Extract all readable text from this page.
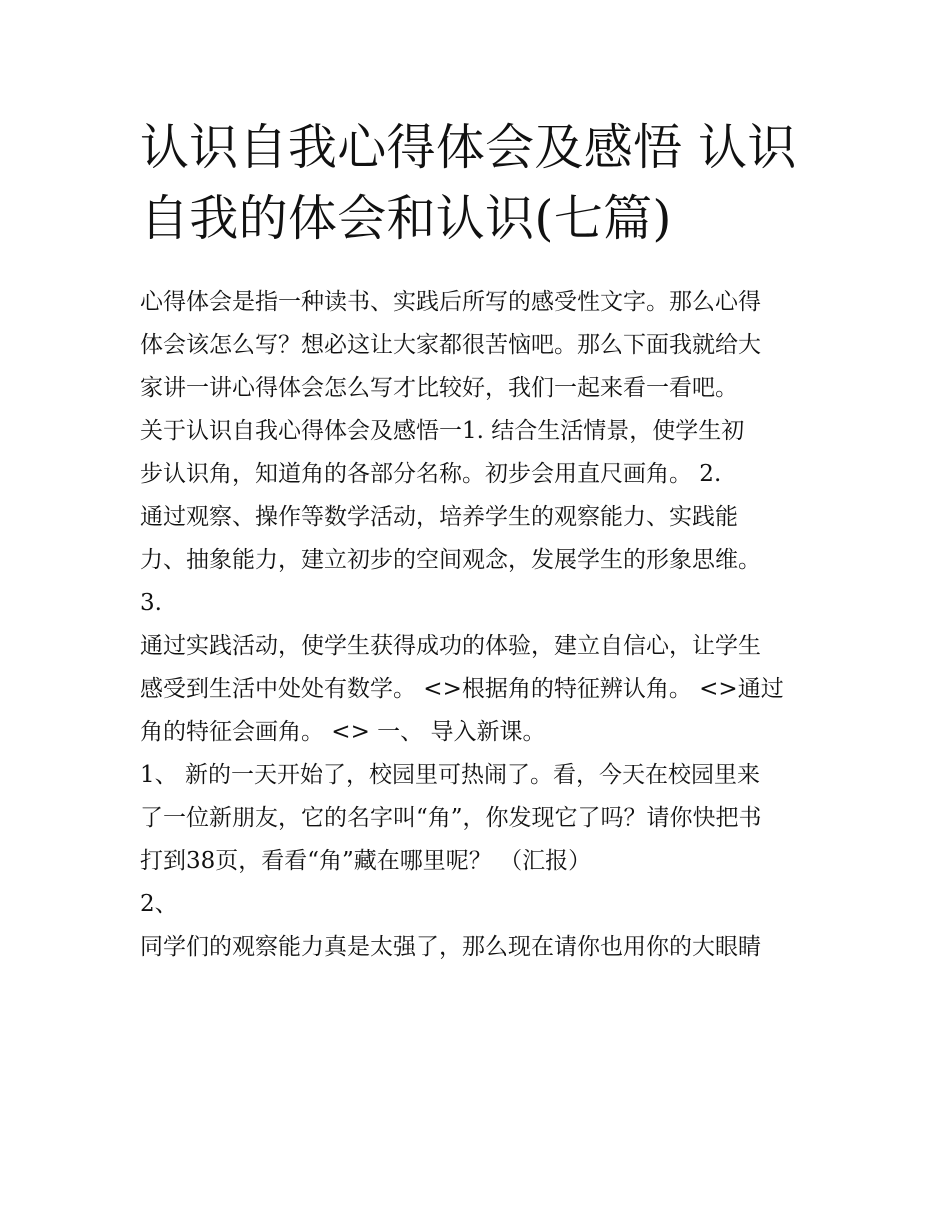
认识自我心得体会及感悟 认识
自我的体会和认识(七篇)
心得体会是指一种读书、实践后所写的感受性文字。那么心得
体会该怎么写？想必这让大家都很苦恼吧。那么下面我就给大
家讲一讲心得体会怎么写才比较好，我们一起来看一看吧。
关于认识自我心得体会及感悟一1. 结合生活情景，使学生初
步认识角，知道角的各部分名称。初步会用直尺画角。 2.
通过观察、操作等数学活动，培养学生的观察能力、实践能
力、抽象能力，建立初步的空间观念，发展学生的形象思维。
3.
通过实践活动，使学生获得成功的体验，建立自信心，让学生
感受到生活中处处有数学。 <>根据角的特征辨认角。 <>通过
角的特征会画角。 <> 一、 导入新课。
1、 新的一天开始了，校园里可热闹了。看，今天在校园里来
了一位新朋友，它的名字叫“角”，你发现它了吗？请你快把书
打到38页，看看“角”藏在哪里呢？ （汇报）
2、
同学们的观察能力真是太强了，那么现在请你也用你的大眼睛
